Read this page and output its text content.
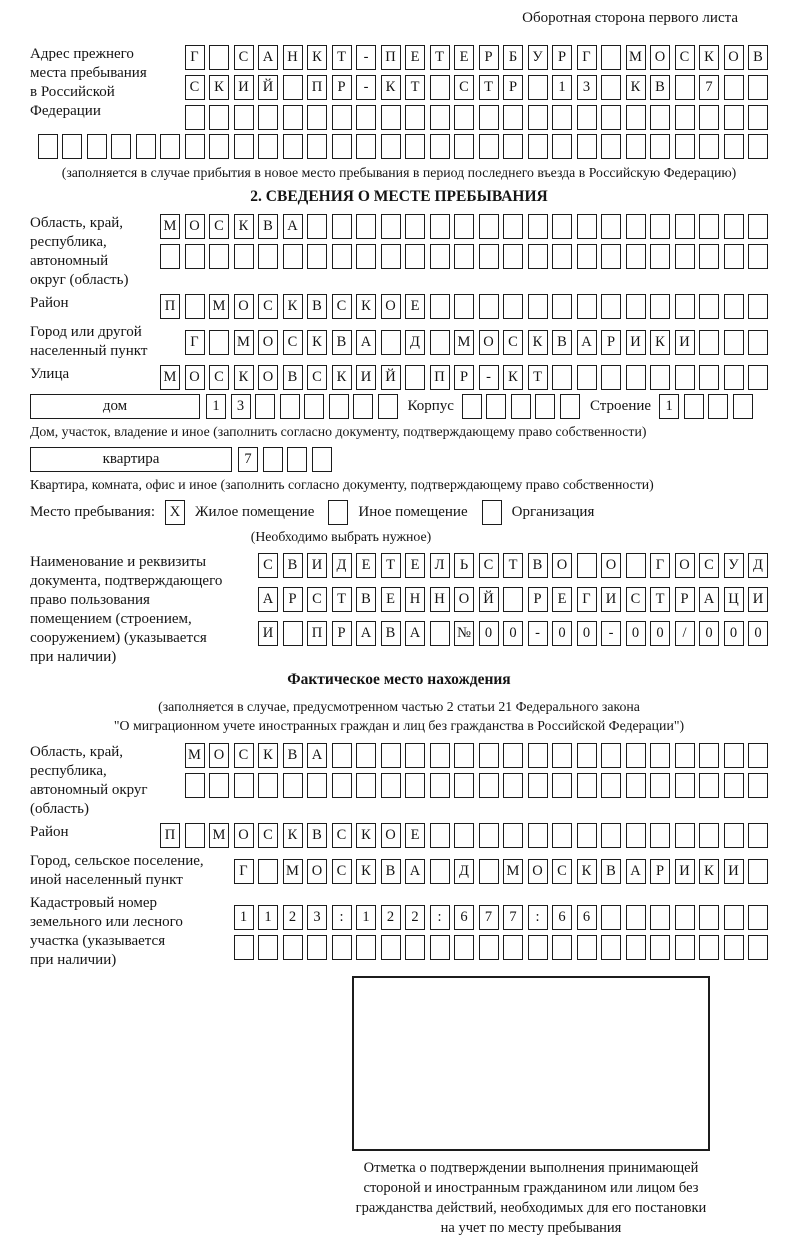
Оборотная сторона первого листа
Адрес прежнего
места пребывания
в Российской
Федерации
Г	С А Н К	Т	-	П	Е	Т	Е	Р	Б	У	Р	Г	М О С	К О В
С	К И Й	П	Р	-	К	Т	С	Т	Р	1	3	К	В	7
(заполняется в случае прибытия в новое место пребывания в период последнего въезда в Российскую Федерацию)
2. СВЕДЕНИЯ О МЕСТЕ ПРЕБЫВАНИЯ
Область, край,
республика,
автономный
округ (область)
М О С	К	В А
Район	П	М О С	К	В	С	К О	Е
Город или другой
населенный пункт
Г	М О С	К	В А	Д	М О С	К	В А	Р	И К И
Улица	М О С	К О В	С	К И Й	П	Р	-	К	Т
дом	1	3	Корпус	Строение 1
Дом, участок, владение и иное (заполнить согласно документу, подтверждающему право собственности)
квартира	7
Квартира, комната, офис и иное (заполнить согласно документу, подтверждающему право собственности)
Место пребывания:	X Жилое помещение	Иное помещение	Организация
(Необходимо выбрать нужное)
Наименование и реквизиты
документа, подтверждающего
право пользования
помещением (строением,
сооружением) (указывается
при наличии)
С	В И Д	Е	Т	Е	Л	Ь	С	Т	В О	О	Г	О С	У Д
А	Р	С	Т	В	Е	Н Н О Й	Р	Е	Г	И С	Т	Р	А Ц И
И	П	Р	А В А	№ 0	0	-	0	0	-	0	0	/	0	0	0
Фактическое место нахождения
(заполняется в случае, предусмотренном частью 2 статьи 21 Федерального закона
"О миграционном учете иностранных граждан и лиц без гражданства в Российской Федерации")
Область, край,
республика,
автономный округ
(область)
М О С	К	В А
Район	П	М О С	К	В	С	К О	Е
Город, сельское поселение,
иной населенный пункт
Г	М О С	К	В А	Д	М О С	К	В А	Р	И К И
Кадастровый номер
земельного или лесного
участка (указывается
при наличии)
1	1	2	3	:	1	2	2	:	6	7	7	:	6	6
Отметка о подтверждении выполнения принимающей
стороной и иностранным гражданином или лицом без
гражданства действий, необходимых для его постановки
на учет по месту пребывания
